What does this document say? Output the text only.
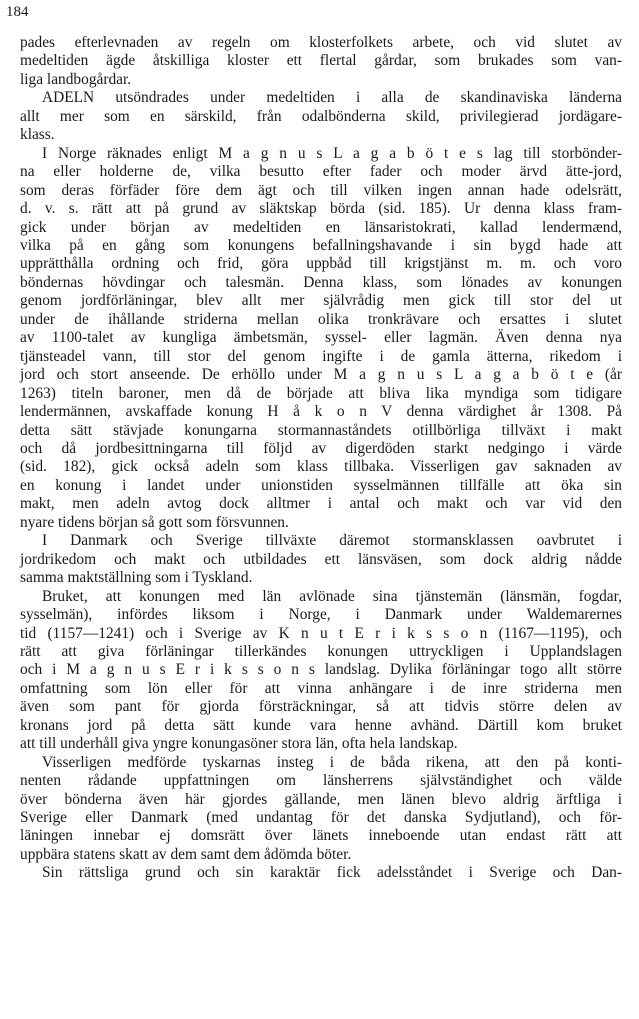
184
pades efterlevnaden av regeln om klosterfolkets arbete, och vid slutet av
medeltiden ägde åtskilliga kloster ett flertal gårdar, som brukades som van-
liga landbogårdar.
ADELN utsöndrades under medeltiden i alla de skandinaviska länderna
allt mer som en särskild, från odalbönderna skild, privilegierad jordägare-
klass.
I Norge räknades enligt M a g n u s L a g a b ö t e s lag till storbönder-
na eller holderne de, vilka besutto efter fader och moder ärvd ätte-jord,
som deras förfäder före dem ägt och till vilken ingen annan hade odelsrätt,
d. v. s. rätt att på grund av släktskap börda (sid. 185). Ur denna klass fram-
gick under början av medeltiden en länsaristokrati, kallad lendermænd,
vilka på en gång som konungens befallningshavande i sin bygd hade att
upprätthålla ordning och frid, göra uppbåd till krigstjänst m. m. och voro
böndernas hövdingar och talesmän. Denna klass, som lönades av konungen
genom jordförläningar, blev allt mer självrådig men gick till stor del ut
under de ihållande striderna mellan olika tronkrävare och ersattes i slutet
av 1100-talet av kungliga ämbetsmän, syssel- eller lagmän. Även denna nya
tjänsteadel vann, till stor del genom ingifte i de gamla ätterna, rikedom i
jord och stort anseende. De erhöllo under M a g n u s L a g a b ö t e (år
1263) titeln baroner, men då de började att bliva lika myndiga som tidigare
lendermännen, avskaffade konung H å k o n V denna värdighet år 1308. På
detta sätt stävjade konungarna stormannaståndets otillbörliga tillväxt i makt
och då jordbesittningarna till följd av digerdöden starkt nedgingo i värde
(sid. 182), gick också adeln som klass tillbaka. Visserligen gav saknaden av
en konung i landet under unionstiden sysselmännen tillfälle att öka sin
makt, men adeln avtog dock alltmer i antal och makt och var vid den
nyare tidens början så gott som försvunnen.
I Danmark och Sverige tillväxte däremot stormansklassen oavbrutet i
jordrikedom och makt och utbildades ett länsväsen, som dock aldrig nådde
samma maktställning som i Tyskland.
Bruket, att konungen med län avlönade sina tjänstemän (länsmän, fogdar,
sysselmän), infördes liksom i Norge, i Danmark under Waldemarernes
tid (1157—1241) och i Sverige av K n u t E r i k s s o n (1167—1195), och
rätt att giva förläningar tillerkändes konungen uttryckligen i Upplandslagen
och i M a g n u s E r i k s s o n s landslag. Dylika förläningar togo allt större
omfattning som lön eller för att vinna anhängare i de inre striderna men
även som pant för gjorda försträckningar, så att tidvis större delen av
kronans jord på detta sätt kunde vara henne avhänd. Därtill kom bruket
att till underhåll giva yngre konungasöner stora län, ofta hela landskap.
Visserligen medförde tyskarnas insteg i de båda rikena, att den på konti-
nenten rådande uppfattningen om länsherrens självständighet och välde
över bönderna även här gjordes gällande, men länen blevo aldrig ärftliga i
Sverige eller Danmark (med undantag för det danska Sydjutland), och för-
läningen innebar ej domsrätt över länets inneboende utan endast rätt att
uppbära statens skatt av dem samt dem ådömda böter.
Sin rättsliga grund och sin karaktär fick adelsståndet i Sverige och Dan-
